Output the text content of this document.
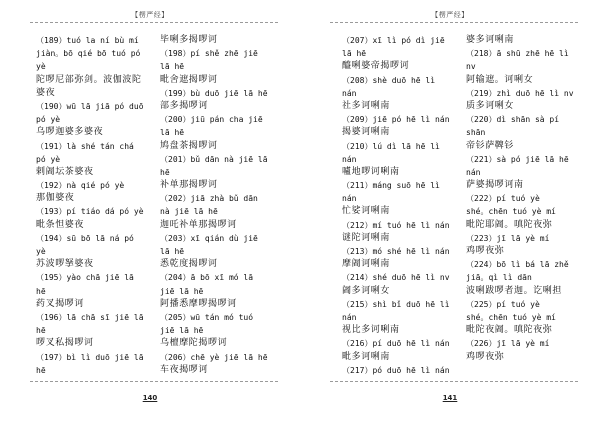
【楞严经】
（189）tuó la ní bù mí
jiàn。bō qié bō tuó pó
yè
陀啰尼部弥剑。波伽波陀
婆夜
（190）wū lā jiā pó duō
pó yè
乌啰迦婆多婆夜
（191）là shé tán chá
pó yè
剌阇坛茶婆夜
（192）nà qié pó yè
那伽婆夜
（193）pí tiáo dá pó yè
毗条怛婆夜
（194）sū bō lā ná pó
yè
苏波啰拏婆夜
（195）yào chā jiē lā
hē
药叉揭啰诃
（196）lā chā sī jiē lā
hē
啰叉私揭啰诃
（197）bì lì duō jiē lā
hē
毕唎多揭啰诃
（198）pí shě zhē jiē
lā hē
毗舍遮揭啰诃
（199）bù duō jiē lā hē
部多揭啰诃
（200）jiū pán cha jiē
lā hē
鸠盘茶揭啰诃
（201）bǔ dān nà jiē lā
hē
补单那揭啰诃
（202）jiā zhà bǔ dān
nà jiē lā hē
迦吒补单那揭啰诃
（203）xī qián dù jiē
lā hē
悉乾度揭啰诃
（204）ā bō xī mó lā
jiē lā hē
阿播悉摩啰揭啰诃
（205）wū tán mó tuó
jiē lā hē
乌檀摩陀揭啰诃
（206）chē yè jiē lā hē
车夜揭啰诃
140
【楞严经】
（207）xī lì pó dì jiē
lā hē
醯唎婆帝揭啰诃
（208）shè duō hē lì
nán
社多诃唎南
（209）jiē pó hē lì nán
揭婆诃唎南
（210）lú dì lā hē lì
nán
嚧地啰诃唎南
（211）máng suō hē lì
nán
忙娑诃唎南
（212）mí tuó hē lì nán
谜陀诃唎南
（213）mó shé hē lì nán
摩阇诃唎南
（214）shé duō hē lì nv
阇多诃唎女
（215）shì bǐ duō hē lì
nán
视比多诃唎南
（216）pí duō hē lì nán
毗多诃唎南
（217）pó duō hē lì nán
婆多诃唎南
（218）ā shū zhē hē lì
nv
阿输遮。诃唎女
（219）zhì duō hē lì nv
质多诃唎女
（220）dì shān sà pí
shān
帝钐萨鞞钐
（221）sà pó jiē lā hē
nán
萨婆揭啰诃南
（222）pí tuó yè
shé。chēn tuó yè mí
毗陀耶阇。嗔陀夜弥
（223）jī lā yè mí
鸡啰夜弥
（224）bō lì bá lā zhě
jiā。qì lì dān
波唎跋啰者迦。讫唎担
（225）pí tuó yè
shé。chēn tuó yè mí
毗陀夜阇。嗔陀夜弥
（226）jī lā yè mí
鸡啰夜弥
141
